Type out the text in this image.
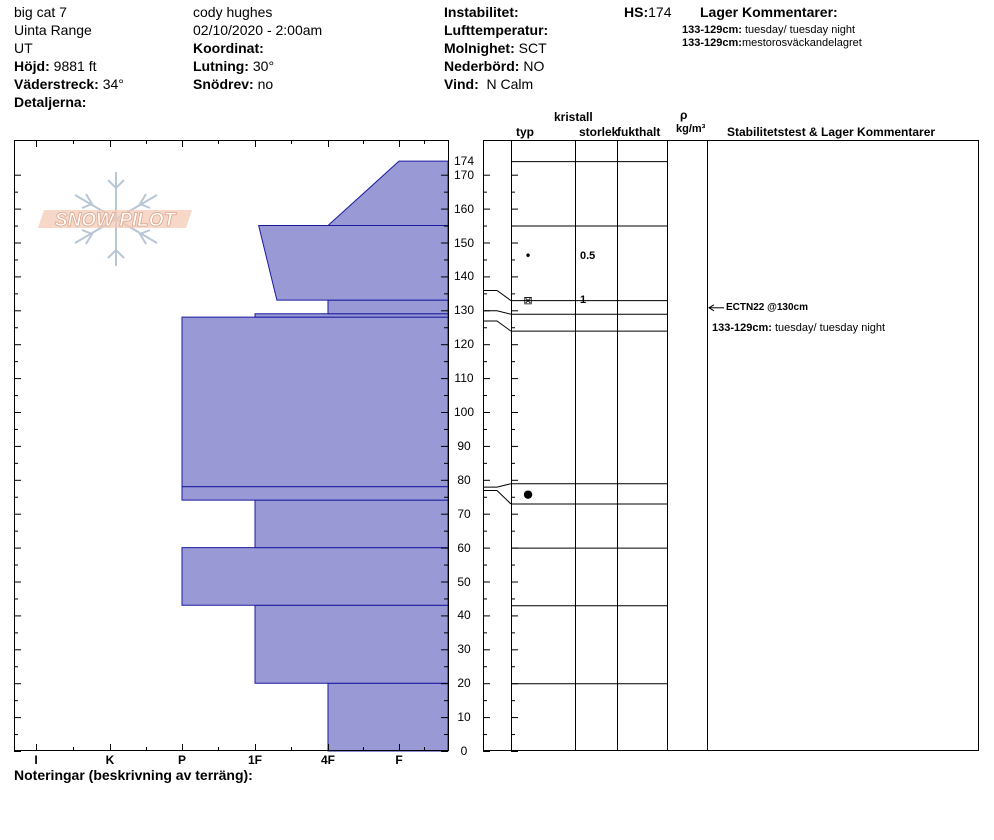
big cat 7
Uinta Range
UT
Höjd: 9881 ft
Väderstreck: 34°
Detaljerna:
cody hughes
02/10/2020 - 2:00am
Koordinat:
Lutning: 30°
Snödrev: no
Instabilitet:
Lufttemperatur:
Molnighet: SCT
Nederbörd: NO
Vind: N Calm
HS:174 Lager Kommentarer:
133-129cm: tuesday/ tuesday night
133-129cm:mestorosväckandelagret
kristall	ρ
typ	storlek
fukthalt kg/m³ Stabilitetstest & Lager Kommentarer
SNOW PILOT
•
⊠
●
0
10
20
30
40
50
60
70
80
90
100
110
120
130
140
150
160
170
174
I	K	P	1F	4F	F
0.5
1
ECTN22 @130cm
133-129cm: tuesday/ tuesday night
Noteringar (beskrivning av terräng):
